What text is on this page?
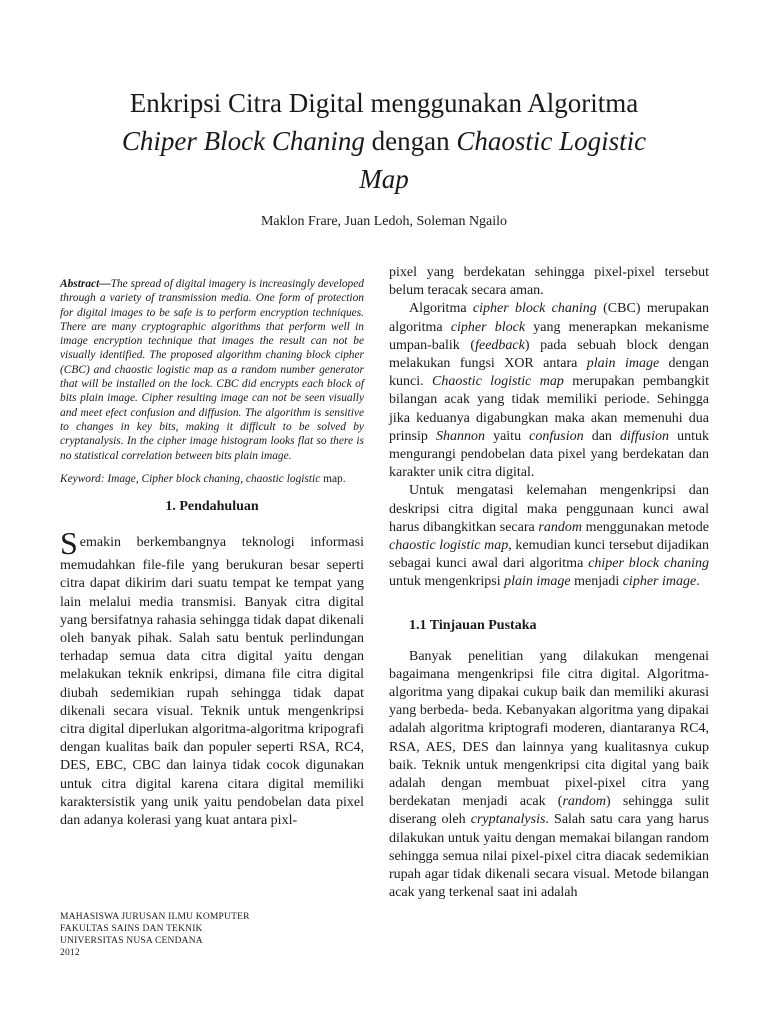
Enkripsi Citra Digital menggunakan Algoritma
Chiper Block Chaning dengan Chaostic Logistic
Map
Maklon Frare, Juan Ledoh, Soleman Ngailo

Abstract—The spread of digital imagery is increasingly developed through a variety of transmission media. One form of protection for digital images to be safe is to perform encryption techniques. There are many cryptographic algorithms that perform well in image encryption technique that images the result can not be visually identified. The proposed algorithm chaning block cipher (CBC) and chaostic logistic map as a random number generator that will be installed on the lock. CBC did encrypts each block of bits plain image. Cipher resulting image can not be seen visually and meet efect confusion and diffusion. The algorithm is sensitive to changes in key bits, making it difficult to be solved by cryptanalysis. In the cipher image histogram looks flat so there is no statistical correlation between bits plain image.

Keyword: Image, Cipher block chaning, chaostic logistic map.

1. Pendahuluan

Semakin berkembangnya teknologi informasi memudahkan file-file yang berukuran besar seperti citra dapat dikirim dari suatu tempat ke tempat yang lain melalui media transmisi. Banyak citra digital yang bersifatnya rahasia sehingga tidak dapat dikenali oleh banyak pihak. Salah satu bentuk perlindungan terhadap semua data citra digital yaitu dengan melakukan teknik enkripsi, dimana file citra digital diubah sedemikian rupah sehingga tidak dapat dikenali secara visual. Teknik untuk mengenkripsi citra digital diperlukan algoritma-algoritma kripografi dengan kualitas baik dan populer seperti RSA, RC4, DES, EBC, CBC dan lainya tidak cocok digunakan untuk citra digital karena citara digital memiliki karaktersistik yang unik yaitu pendobelan data pixel dan adanya kolerasi yang kuat antara pixl-

pixel yang berdekatan sehingga pixel-pixel tersebut belum teracak secara aman.

Algoritma cipher block chaning (CBC) merupakan algoritma cipher block yang menerapkan mekanisme umpan-balik (feedback) pada sebuah block dengan melakukan fungsi XOR antara plain image dengan kunci. Chaostic logistic map merupakan pembangkit bilangan acak yang tidak memiliki periode. Sehingga jika keduanya digabungkan maka akan memenuhi dua prinsip Shannon yaitu confusion dan diffusion untuk mengurangi pendobelan data pixel yang berdekatan dan karakter unik citra digital.

Untuk mengatasi kelemahan mengenkripsi dan deskripsi citra digital maka penggunaan kunci awal harus dibangkitkan secara random menggunakan metode chaostic logistic map, kemudian kunci tersebut dijadikan sebagai kunci awal dari algoritma chiper block chaning untuk mengenkripsi plain image menjadi cipher image.

1.1 Tinjauan Pustaka

Banyak penelitian yang dilakukan mengenai bagaimana mengenkripsi file citra digital. Algoritma-algoritma yang dipakai cukup baik dan memiliki akurasi yang berbeda- beda. Kebanyakan algoritma yang dipakai adalah algoritma kriptografi moderen, diantaranya RC4, RSA, AES, DES dan lainnya yang kualitasnya cukup baik. Teknik untuk mengenkripsi cita digital yang baik adalah dengan membuat pixel-pixel citra yang berdekatan menjadi acak (random) sehingga sulit diserang oleh cryptanalysis. Salah satu cara yang harus dilakukan untuk yaitu dengan memakai bilangan random sehingga semua nilai pixel-pixel citra diacak sedemikian rupah agar tidak dikenali secara visual. Metode bilangan acak yang terkenal saat ini adalah

MAHASISWA JURUSAN ILMU KOMPUTER
FAKULTAS SAINS DAN TEKNIK
UNIVERSITAS NUSA CENDANA
2012
